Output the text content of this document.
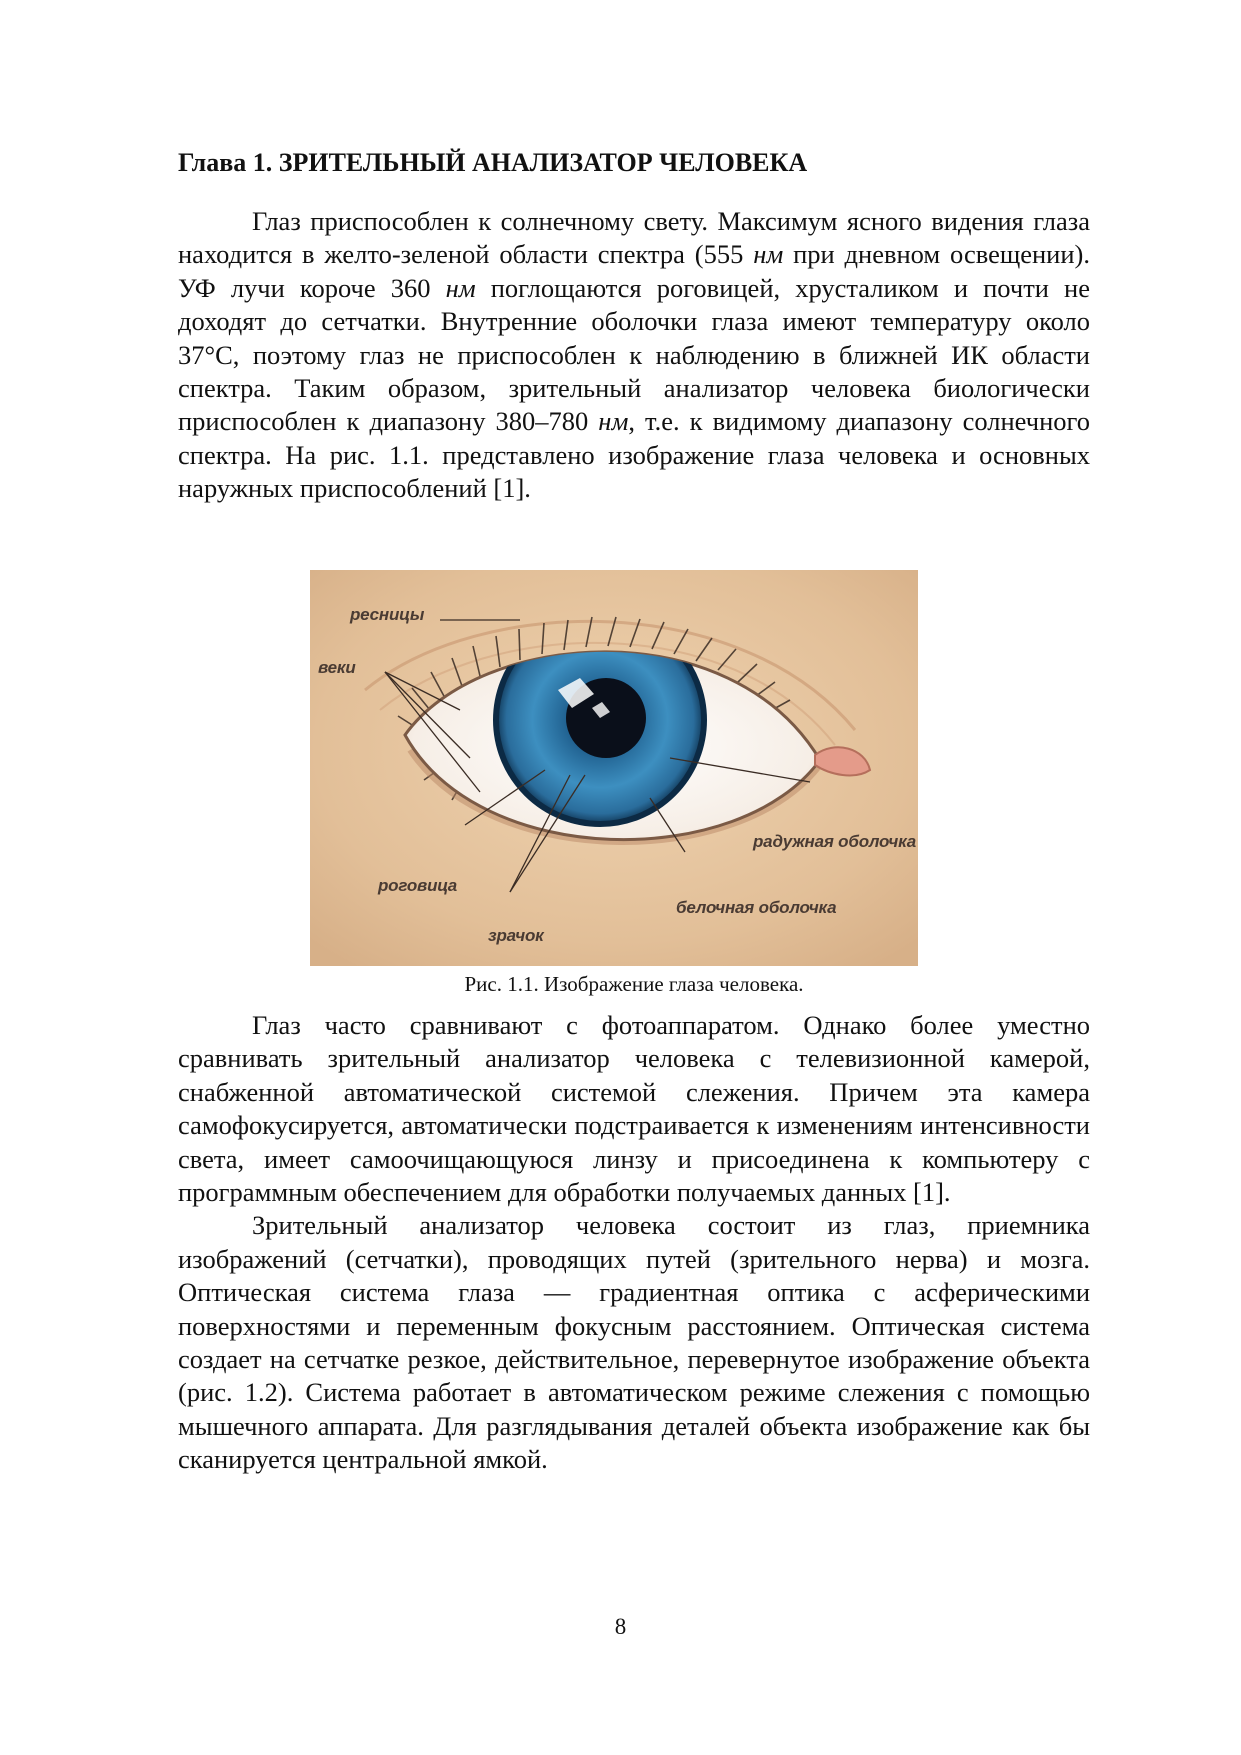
Глава 1. ЗРИТЕЛЬНЫЙ АНАЛИЗАТОР ЧЕЛОВЕКА

Глаз приспособлен к солнечному свету. Максимум ясного видения глаза находится в желто-зеленой области спектра (555 нм при дневном освещении). УФ лучи короче 360 нм поглощаются роговицей, хрусталиком и почти не доходят до сетчатки. Внутренние оболочки глаза имеют температуру около 37°С, поэтому глаз не приспособлен к наблюдению в ближней ИК области спектра. Таким образом, зрительный анализатор человека биологически приспособлен к диапазону 380–780 нм, т.е. к видимому диапазону солнечного спектра. На рис. 1.1. представлено изображение глаза человека и основных наружных приспособлений [1].

ресницы
веки
радужная оболочка
роговица
белочная оболочка
зрачок
Рис. 1.1. Изображение глаза человека.

Глаз часто сравнивают с фотоаппаратом. Однако более уместно сравнивать зрительный анализатор человека с телевизионной камерой, снабженной автоматической системой слежения. Причем эта камера самофокусируется, автоматически подстраивается к изменениям интенсивности света, имеет самоочищающуюся линзу и присоединена к компьютеру с программным обеспечением для обработки получаемых данных [1].

Зрительный анализатор человека состоит из глаз, приемника изображений (сетчатки), проводящих путей (зрительного нерва) и мозга. Оптическая система глаза — градиентная оптика с асферическими поверхностями и переменным фокусным расстоянием. Оптическая система создает на сетчатке резкое, действительное, перевернутое изображение объекта (рис. 1.2). Система работает в автоматическом режиме слежения с помощью мышечного аппарата. Для разглядывания деталей объекта изображение как бы сканируется центральной ямкой.

8
